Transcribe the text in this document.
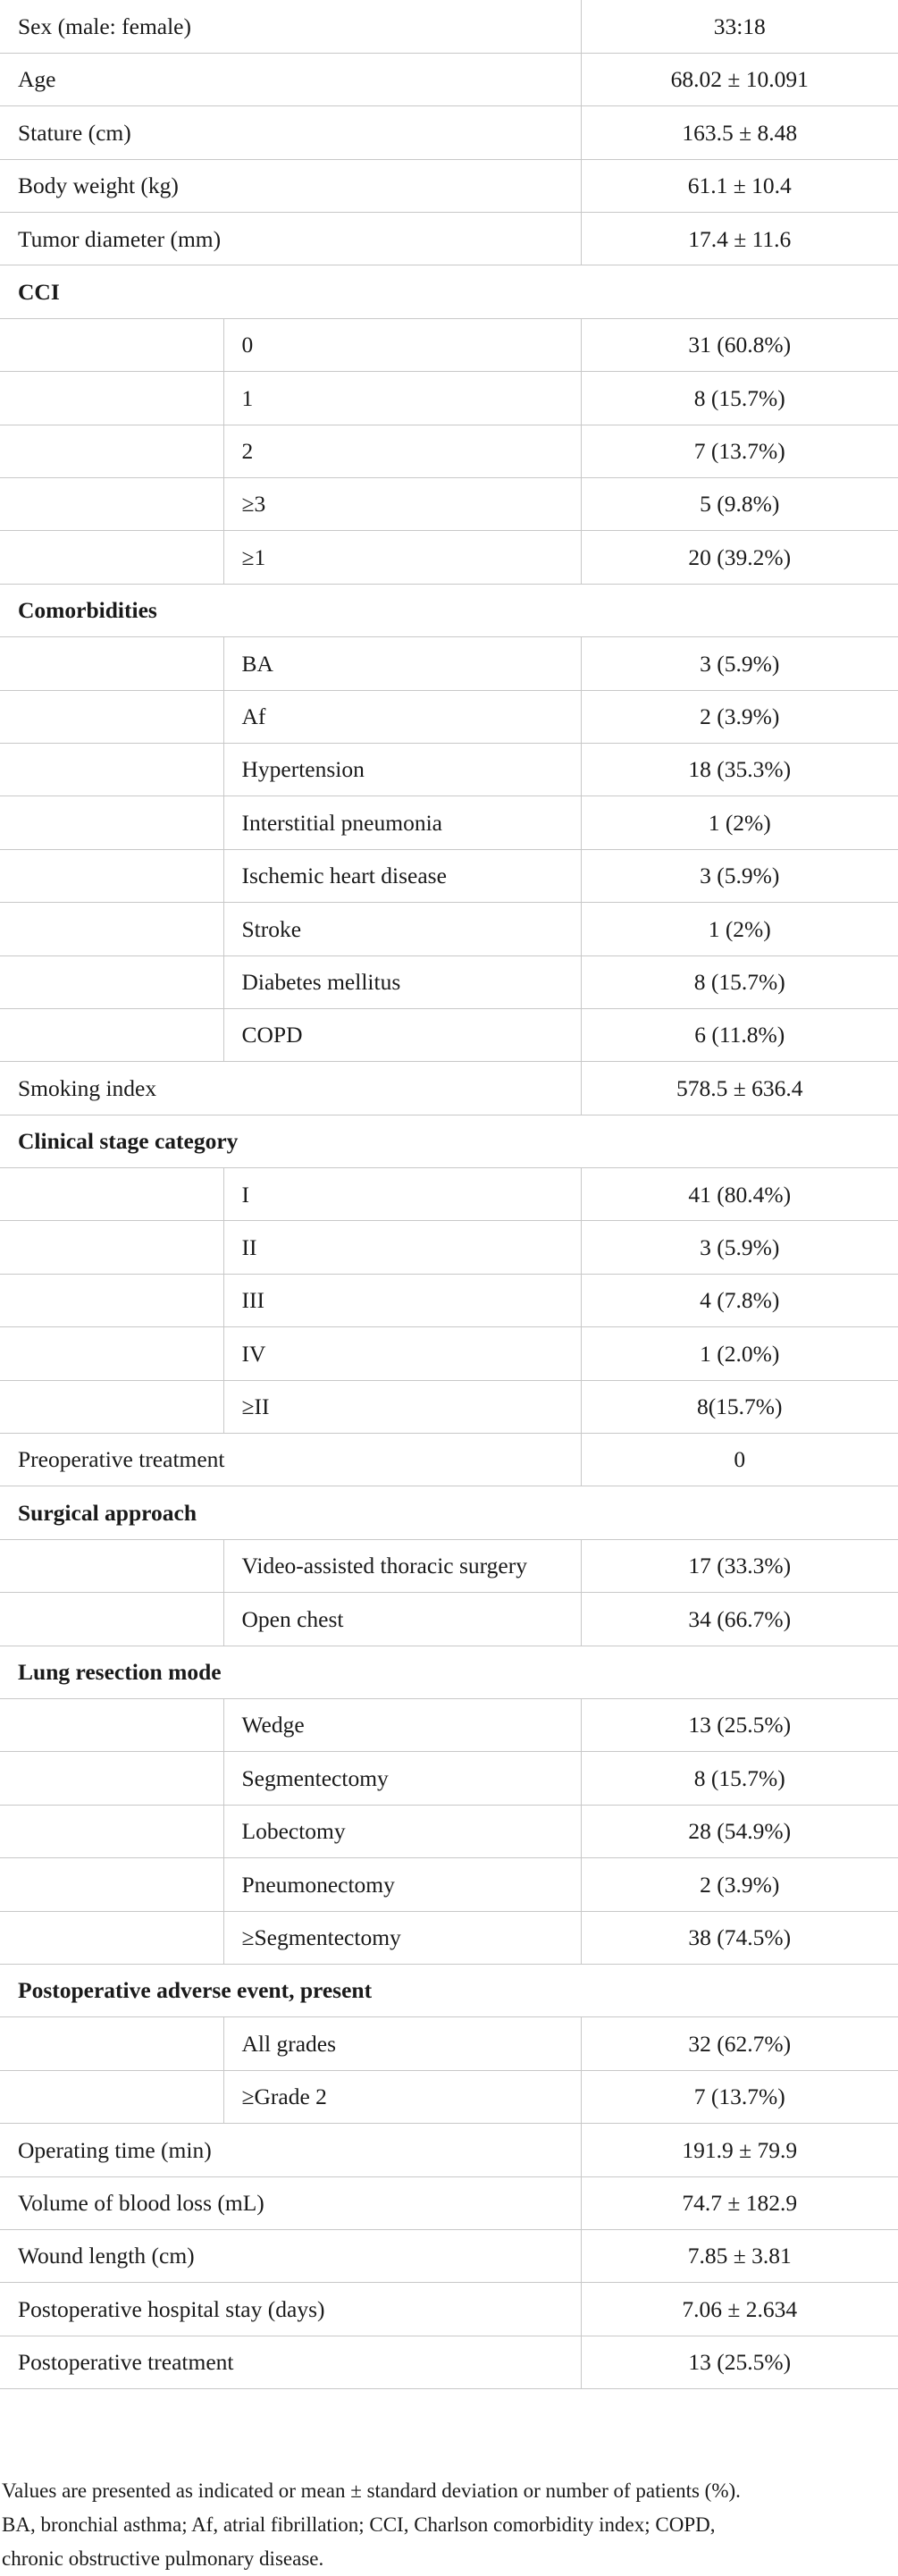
Sex (male: female)		33:18
Age		68.02 ± 10.091
Stature (cm)		163.5 ± 8.48
Body weight (kg)		61.1 ± 10.4
Tumor diameter (mm)		17.4 ± 11.6
CCI		
	0	31 (60.8%)
	1	8 (15.7%)
	2	7 (13.7%)
	≥3	5 (9.8%)
	≥1	20 (39.2%)
Comorbidities		
	BA	3 (5.9%)
	Af	2 (3.9%)
	Hypertension	18 (35.3%)
	Interstitial pneumonia	1 (2%)
	Ischemic heart disease	3 (5.9%)
	Stroke	1 (2%)
	Diabetes mellitus	8 (15.7%)
	COPD	6 (11.8%)
Smoking index		578.5 ± 636.4
Clinical stage category		
	I	41 (80.4%)
	II	3 (5.9%)
	III	4 (7.8%)
	IV	1 (2.0%)
	≥II	8(15.7%)
Preoperative treatment		0
Surgical approach		
	Video-assisted thoracic surgery	17 (33.3%)
	Open chest	34 (66.7%)
Lung resection mode		
	Wedge	13 (25.5%)
	Segmentectomy	8 (15.7%)
	Lobectomy	28 (54.9%)
	Pneumonectomy	2 (3.9%)
	≥Segmentectomy	38 (74.5%)
Postoperative adverse event, present		
	All grades	32 (62.7%)
	≥Grade 2	7 (13.7%)
Operating time (min)		191.9 ± 79.9
Volume of blood loss (mL)		74.7 ± 182.9
Wound length (cm)		7.85 ± 3.81
Postoperative hospital stay (days)		7.06 ± 2.634
Postoperative treatment		13 (25.5%)
Values are presented as indicated or mean ± standard deviation or number of patients (%).
BA, bronchial asthma; Af, atrial fibrillation; CCI, Charlson comorbidity index; COPD,
chronic obstructive pulmonary disease.
